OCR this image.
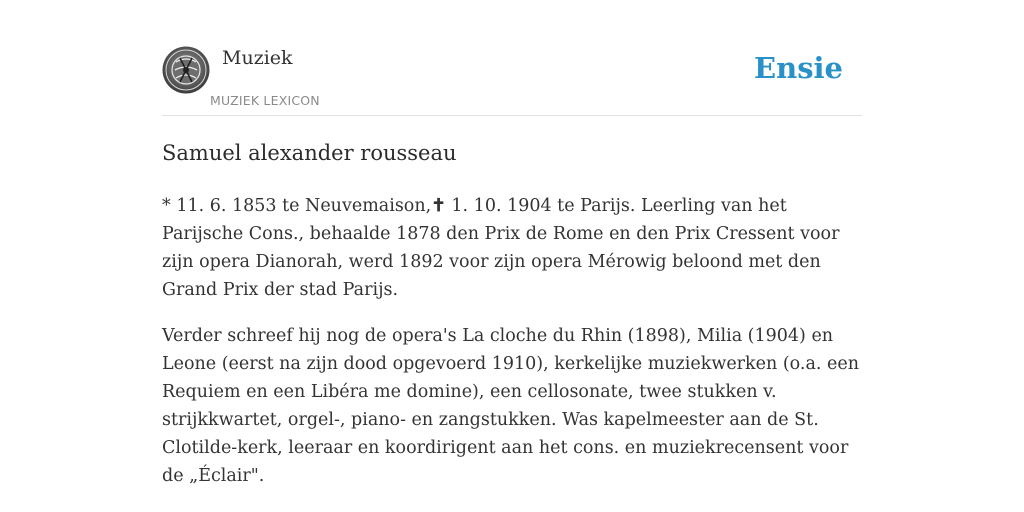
Muziek
MUZIEK LEXICON
Ensie
Samuel alexander rousseau

* 11. 6. 1853 te Neuvemaison,✝ 1. 10. 1904 te Parijs. Leerling van het Parijsche Cons., behaalde 1878 den Prix de Rome en den Prix Cressent voor zijn opera Dianorah, werd 1892 voor zijn opera Mérowig beloond met den Grand Prix der stad Parijs.

Verder schreef hij nog de opera's La cloche du Rhin (1898), Milia (1904) en Leone (eerst na zijn dood opgevoerd 1910), kerkelijke muziekwerken (o.a. een Requiem en een Libéra me domine), een cellosonate, twee stukken v. strijkkwartet, orgel-, piano- en zangstukken. Was kapelmeester aan de St. Clotilde-kerk, leeraar en koordirigent aan het cons. en muziekrecensent voor de „Éclair".
